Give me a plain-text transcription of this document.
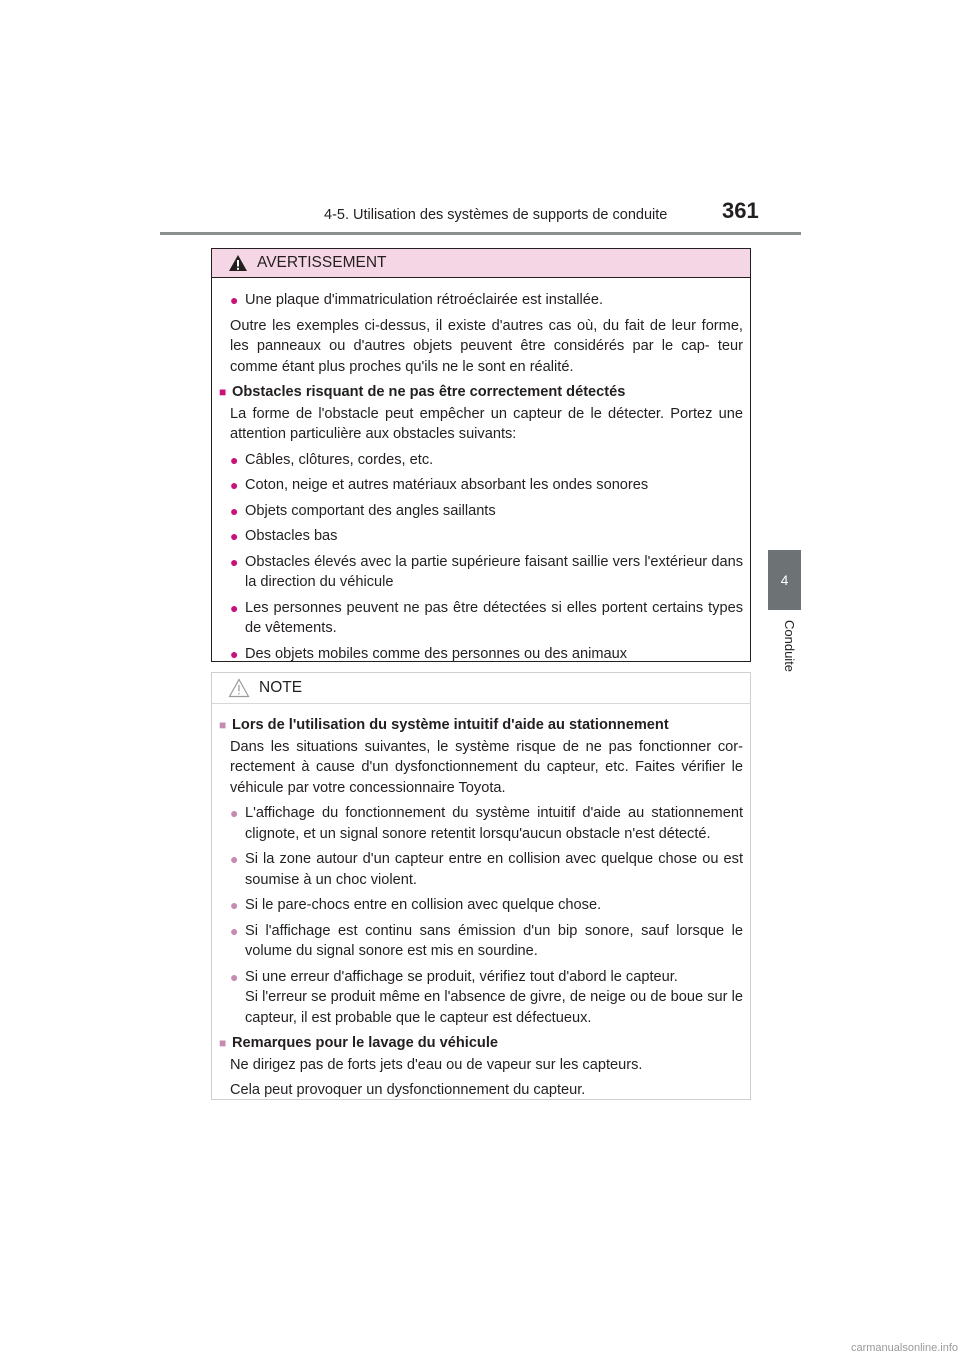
4-5. Utilisation des systèmes de supports de conduite 361
4
Conduite
AVERTISSEMENT
● Une plaque d'immatriculation rétroéclairée est installée.
Outre les exemples ci-dessus, il existe d'autres cas où, du fait de leur forme, les panneaux ou d'autres objets peuvent être considérés par le cap- teur comme étant plus proches qu'ils ne le sont en réalité.
■ Obstacles risquant de ne pas être correctement détectés
La forme de l'obstacle peut empêcher un capteur de le détecter. Portez une attention particulière aux obstacles suivants:
● Câbles, clôtures, cordes, etc.
● Coton, neige et autres matériaux absorbant les ondes sonores
● Objets comportant des angles saillants
● Obstacles bas
● Obstacles élevés avec la partie supérieure faisant saillie vers l'extérieur dans la direction du véhicule
● Les personnes peuvent ne pas être détectées si elles portent certains types de vêtements.
● Des objets mobiles comme des personnes ou des animaux
NOTE
■ Lors de l'utilisation du système intuitif d'aide au stationnement
Dans les situations suivantes, le système risque de ne pas fonctionner cor- rectement à cause d'un dysfonctionnement du capteur, etc. Faites vérifier le véhicule par votre concessionnaire Toyota.
● L'affichage du fonctionnement du système intuitif d'aide au stationnement clignote, et un signal sonore retentit lorsqu'aucun obstacle n'est détecté.
● Si la zone autour d'un capteur entre en collision avec quelque chose ou est soumise à un choc violent.
● Si le pare-chocs entre en collision avec quelque chose.
● Si l'affichage est continu sans émission d'un bip sonore, sauf lorsque le volume du signal sonore est mis en sourdine.
● Si une erreur d'affichage se produit, vérifiez tout d'abord le capteur.
Si l'erreur se produit même en l'absence de givre, de neige ou de boue sur le capteur, il est probable que le capteur est défectueux.
■ Remarques pour le lavage du véhicule
Ne dirigez pas de forts jets d'eau ou de vapeur sur les capteurs.
Cela peut provoquer un dysfonctionnement du capteur.
carmanualsonline.info
